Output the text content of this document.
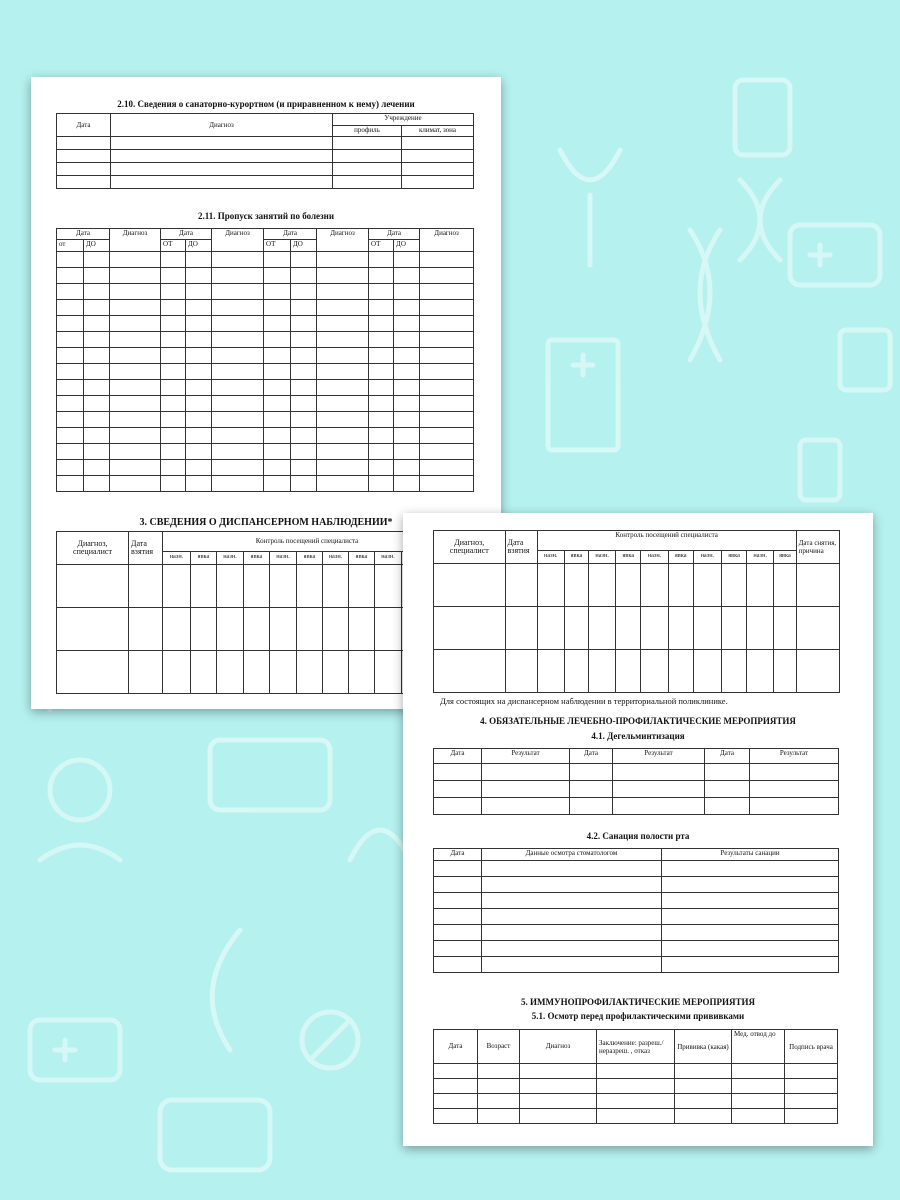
2.10. Сведения о санаторно-курортном (и приравненном к нему) лечении
Дата	Диагноз	Учреждение	
		профиль	климат, зона

2.11. Пропуск занятий по болезни
Дата		Диагноз	Дата		Диагноз	Дата		Диагноз	Дата		Диагноз
от	ДО		ОТ	ДО		ОТ	ДО		ОТ	ДО	

3. СВЕДЕНИЯ О ДИСПАНСЕРНОМ НАБЛЮДЕНИИ*
Диагноз, специалист	Дата взятия	Контроль посещений специалиста										
		назн.	явка	назн.	явка	назн.	явка	назн.	явка	назн.		

Диагноз, специалист	Дата взятия	Контроль посещений специалиста										Дата снятия, причина
		назн.	явка	назн.	явка	назн.	явка	назн.	явка	назн.	явка	

Для состоящих на диспансерном наблюдении в территориальной поликлинике.
4. ОБЯЗАТЕЛЬНЫЕ ЛЕЧЕБНО-ПРОФИЛАКТИЧЕСКИЕ МЕРОПРИЯТИЯ
4.1. Дегельминтизация
Дата	Результат	Дата	Результат	Дата	Результат

4.2. Санация полости рта
Дата	Данные осмотра стоматологом	Результаты санации

5. ИММУНОПРОФИЛАКТИЧЕСКИЕ МЕРОПРИЯТИЯ
5.1. Осмотр перед профилактическими прививками
Дата	Возраст	Диагноз	Заключение: разреш./неразреш. , отказ	Прививка (какая)	Мед. отвод до	Подпись врача
